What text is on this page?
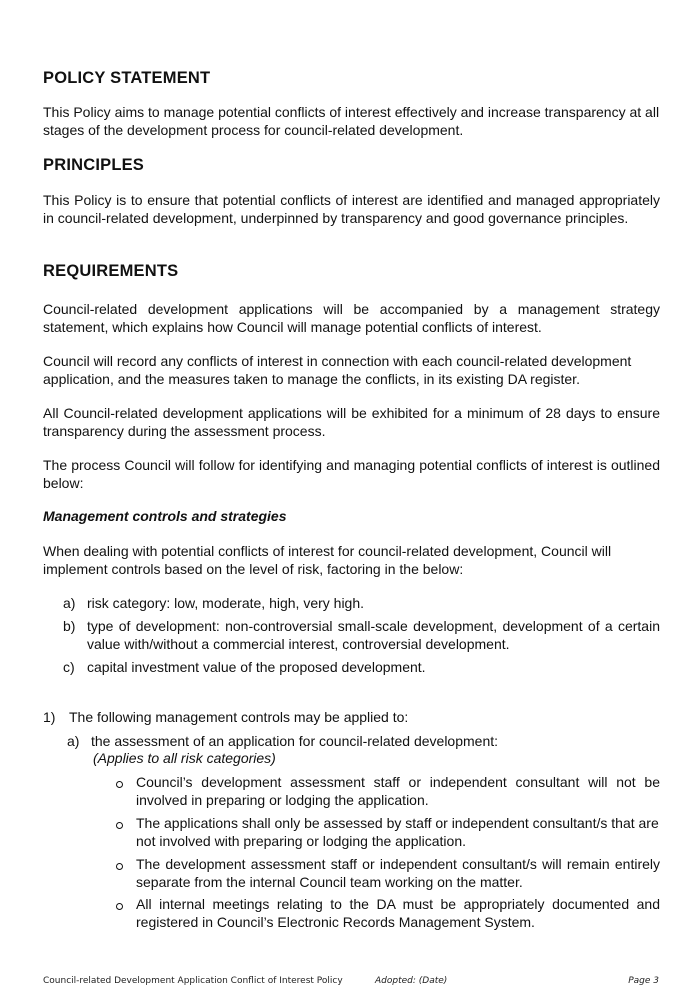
POLICY STATEMENT

This Policy aims to manage potential conflicts of interest effectively and increase transparency at all stages of the development process for council-related development.

PRINCIPLES

This Policy is to ensure that potential conflicts of interest are identified and managed appropriately in council-related development, underpinned by transparency and good governance principles.

REQUIREMENTS

Council-related development applications will be accompanied by a management strategy statement, which explains how Council will manage potential conflicts of interest.

Council will record any conflicts of interest in connection with each council-related development application, and the measures taken to manage the conflicts, in its existing DA register.

All Council-related development applications will be exhibited for a minimum of 28 days to ensure transparency during the assessment process.

The process Council will follow for identifying and managing potential conflicts of interest is outlined below:

Management controls and strategies

When dealing with potential conflicts of interest for council-related development, Council will implement controls based on the level of risk, factoring in the below:

a) risk category: low, moderate, high, very high.
b) type of development: non-controversial small-scale development, development of a certain value with/without a commercial interest, controversial development.
c) capital investment value of the proposed development.
1) The following management controls may be applied to:
a) the assessment of an application for council-related development:

(Applies to all risk categories)

Council’s development assessment staff or independent consultant will not be involved in preparing or lodging the application.
The applications shall only be assessed by staff or independent consultant/s that are not involved with preparing or lodging the application.
The development assessment staff or independent consultant/s will remain entirely separate from the internal Council team working on the matter.
All internal meetings relating to the DA must be appropriately documented and registered in Council’s Electronic Records Management System.
Council-related Development Application Conflict of Interest Policy	Adopted: (Date)	Page 3
